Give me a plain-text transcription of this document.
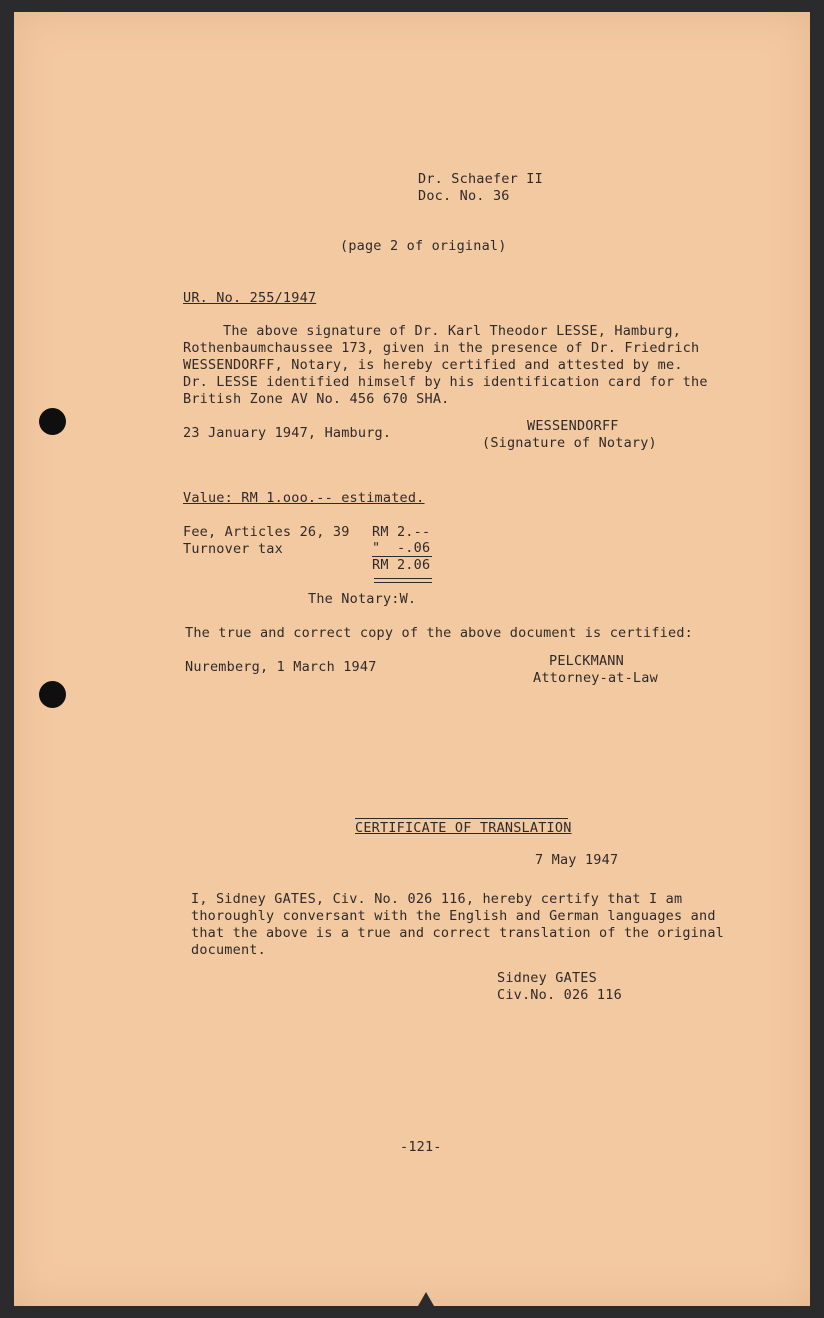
Dr. Schaefer II
Doc. No. 36
(page 2 of original)
UR. No. 255/1947
The above signature of Dr. Karl Theodor LESSE, Hamburg,
Rothenbaumchaussee 173, given in the presence of Dr. Friedrich
WESSENDORFF, Notary, is hereby certified and attested by me.
Dr. LESSE identified himself by his identification card for the
British Zone AV No. 456 670 SHA.
23 January 1947, Hamburg.	WESSENDORFF
(Signature of Notary)
Value: RM 1.ooo.-- estimated.
Fee, Articles 26, 39 RM 2.--
Turnover tax	"  -.06
RM 2.06
The Notary:W.
The true and correct copy of the above document is certified:
Nuremberg, 1 March 1947	PELCKMANN
Attorney-at-Law
CERTIFICATE OF TRANSLATION
7 May 1947
I, Sidney GATES, Civ. No. 026 116, hereby certify that I am
thoroughly conversant with the English and German languages and
that the above is a true and correct translation of the original
document.
Sidney GATES
Civ.No. 026 116
-121-
